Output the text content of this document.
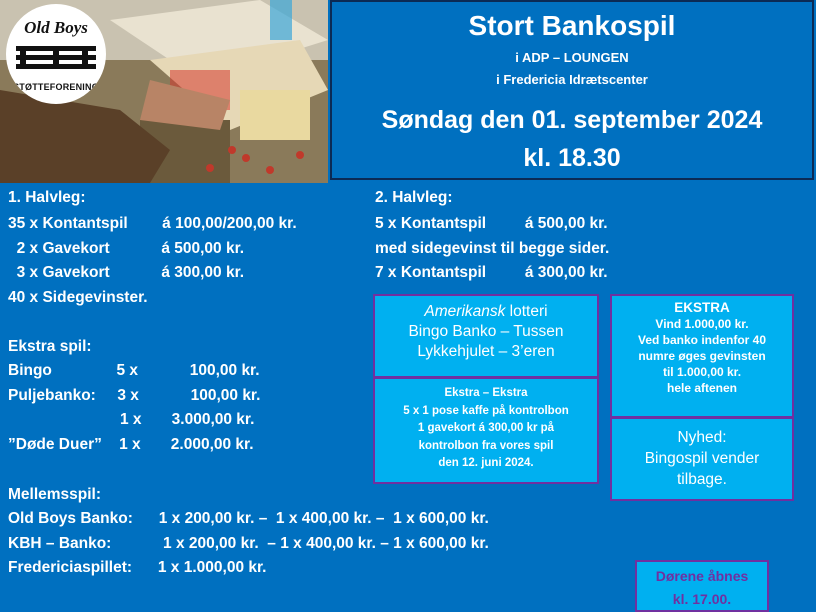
Old Boys
STØTTEFORENING
Stort Bankospil
i ADP – LOUNGEN
i Fredericia Idrætscenter
Søndag den 01. september 2024
kl. 18.30
1. Halvleg:
35 x Kontantspil        á 100,00/200,00 kr.
2 x Gavekort            á 500,00 kr.
3 x Gavekort            á 300,00 kr.
40 x Sidegevinster.
2. Halvleg:
5 x Kontantspil         á 500,00 kr.
med sidegevinst til begge sider.
7 x Kontantspil         á 300,00 kr.
Ekstra spil:
Bingo               5 x            100,00 kr.
Puljebanko:     3 x            100,00 kr.
1 x       3.000,00 kr.
”Døde Duer”    1 x       2.000,00 kr.
Mellemsspil:
Old Boys Banko:      1 x 200,00 kr. –  1 x 400,00 kr. –  1 x 600,00 kr.
KBH – Banko:            1 x 200,00 kr.  – 1 x 400,00 kr. – 1 x 600,00 kr.
Fredericiaspillet:      1 x 1.000,00 kr.
Amerikansk lotteri
Bingo Banko – Tussen
Lykkehjulet – 3’eren
Ekstra – Ekstra
5 x 1 pose kaffe på kontrolbon
1 gavekort á 300,00 kr på
kontrolbon fra vores spil
den 12. juni 2024.
EKSTRA
Vind 1.000,00 kr.
Ved banko indenfor 40
numre øges gevinsten
til 1.000,00 kr.
hele aftenen
Nyhed:
Bingospil vender
tilbage.
Dørene åbnes
kl. 17.00.
